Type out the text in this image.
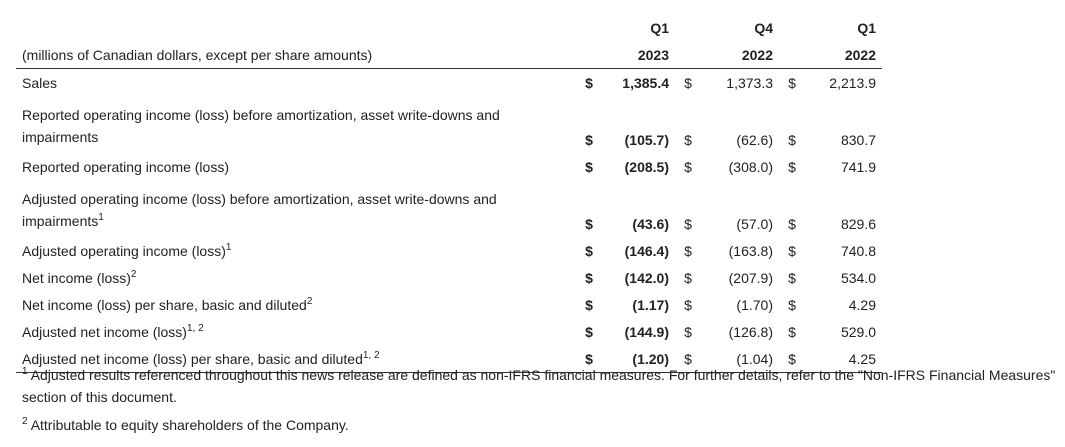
		Q1		Q4		Q1
(millions of Canadian dollars, except per share amounts)		2023		2022		2022
Sales	$	1,385.4	$	1,373.3	$	2,213.9
Reported operating income (loss) before amortization, asset write-downs and impairments	$	(105.7)	$	(62.6)	$	830.7
Reported operating income (loss)	$	(208.5)	$	(308.0)	$	741.9
Adjusted operating income (loss) before amortization, asset write-downs and impairments$^1$	$	(43.6)	$	(57.0)	$	829.6
Adjusted operating income (loss)$^1$	$	(146.4)	$	(163.8)	$	740.8
Net income (loss)$^2$	$	(142.0)	$	(207.9)	$	534.0
Net income (loss) per share, basic and diluted$^2$	$	(1.17)	$	(1.70)	$	4.29
Adjusted net income (loss)$^{1, 2}$	$	(144.9)	$	(126.8)	$	529.0
Adjusted net income (loss) per share, basic and diluted$^{1, 2}$	$	(1.20)	$	(1.04)	$	4.25

$^1$ Adjusted results referenced throughout this news release are defined as non-IFRS financial measures. For further details, refer to the "Non-IFRS Financial Measures" section of this document.

$^2$ Attributable to equity shareholders of the Company.
